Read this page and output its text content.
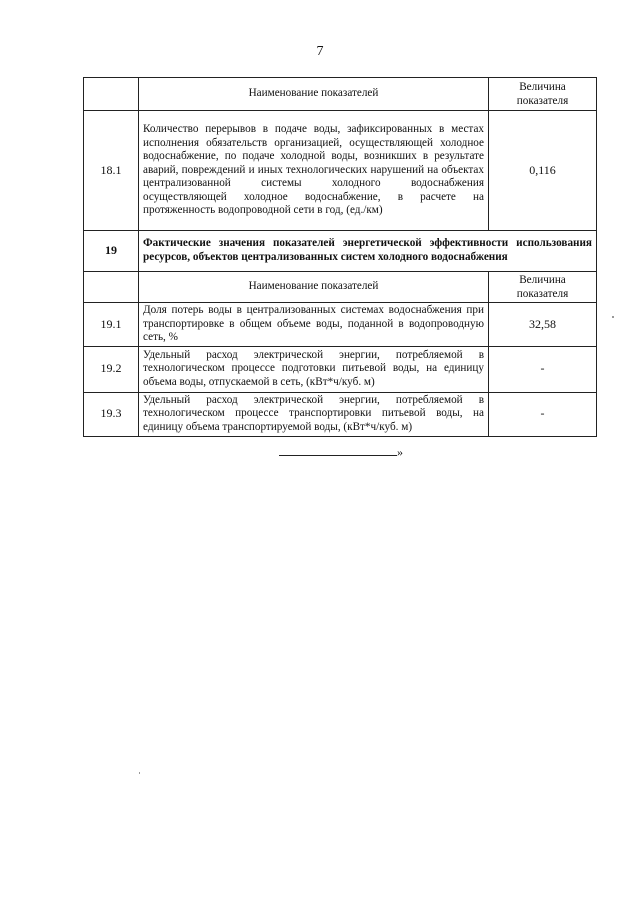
7
	Наименование показателей	Величина показателя
18.1	Количество перерывов в подаче воды, зафиксированных в местах исполнения обязательств организацией, осуществляющей холодное водоснабжение, по подаче холодной воды, возникших в результате аварий, повреждений и иных технологических нарушений на объектах централизованной системы холодного водоснабжения осуществляющей холодное водоснабжение, в расчете на протяженность водопроводной сети в год, (ед./км)	0,116
19	Фактические значения показателей энергетической эффективности использования ресурсов, объектов централизованных систем холодного водоснабжения	
	Наименование показателей	Величина показателя
19.1	Доля потерь воды в централизованных системах водоснабжения при транспортировке в общем объеме воды, поданной в водопроводную сеть, %	32,58
19.2	Удельный расход электрической энергии, потребляемой в технологическом процессе подготовки питьевой воды, на единицу объема воды, отпускаемой в сеть, (кВт*ч/куб. м)	-
19.3	Удельный расход электрической энергии, потребляемой в технологическом процессе транспортировки питьевой воды, на единицу объема транспортируемой воды, (кВт*ч/куб. м)	-
»
